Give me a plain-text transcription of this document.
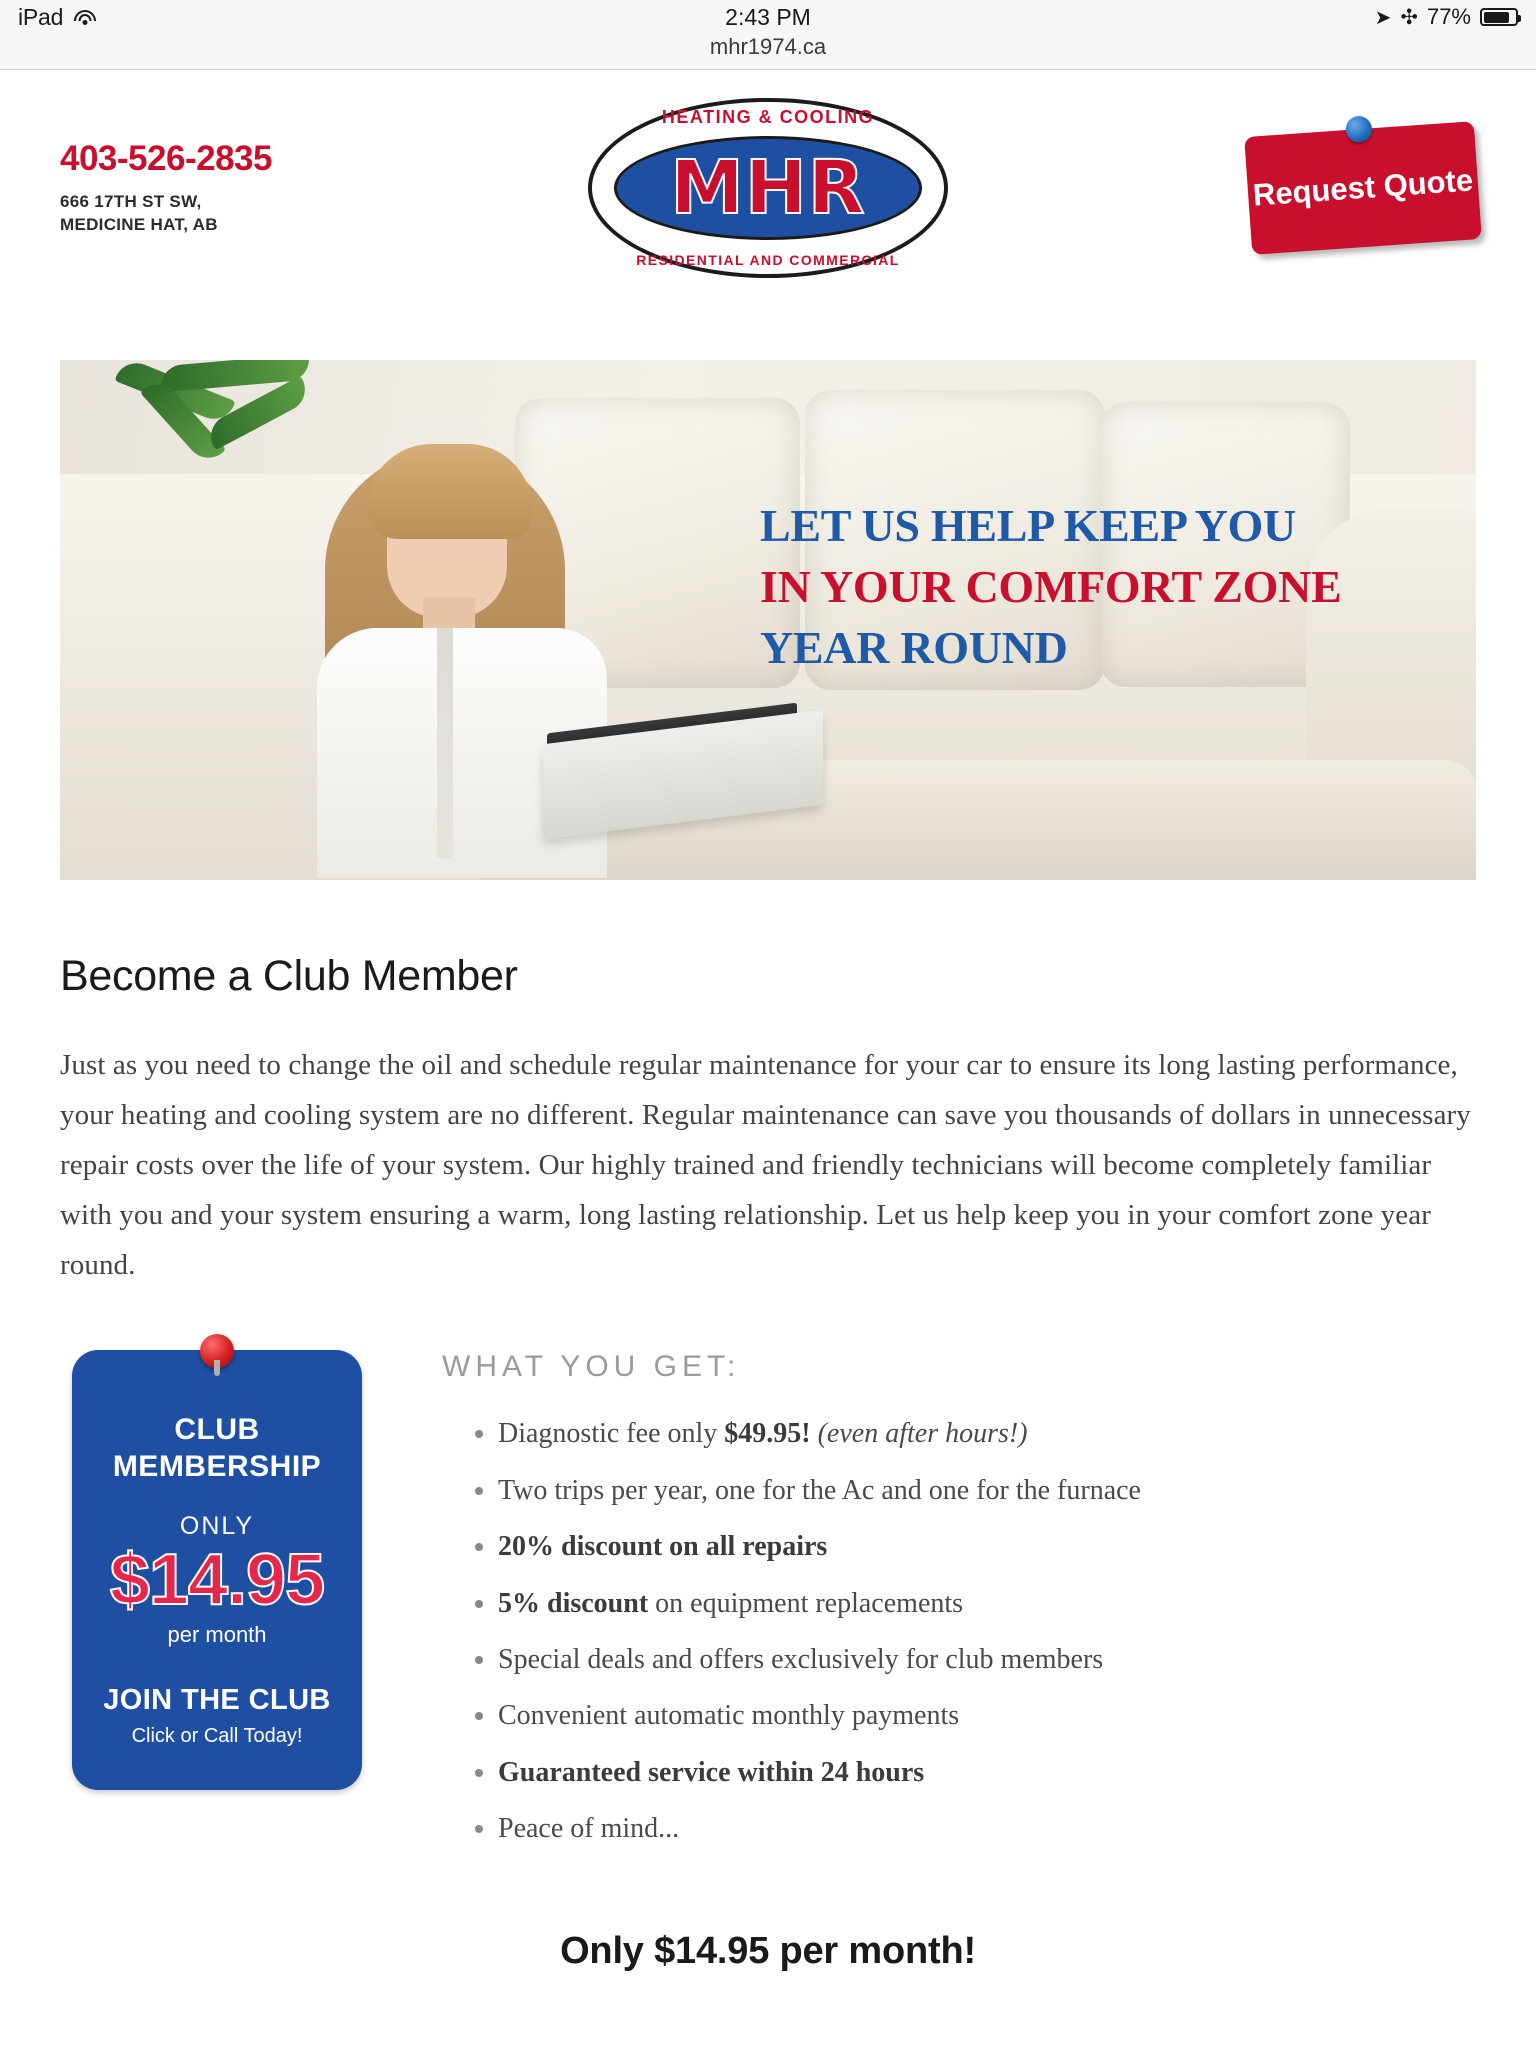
iPad	2:43 PM	➤ ✣ 77%
mhr1974.ca
403-526-2835
666 17TH ST SW,
MEDICINE HAT, AB
HEATING & COOLING
MHR
RESIDENTIAL AND COMMERCIAL
Request Quote
LET US HELP KEEP YOU
IN YOUR COMFORT ZONE
YEAR ROUND
Become a Club Member

Just as you need to change the oil and schedule regular maintenance for your car to ensure its long lasting performance, your heating and cooling system are no different. Regular maintenance can save you thousands of dollars in unnecessary repair costs over the life of your system. Our highly trained and friendly technicians will become completely familiar with you and your system ensuring a warm, long lasting relationship. Let us help keep you in your comfort zone year round.

CLUB
MEMBERSHIP
ONLY
$14.95
per month
JOIN THE CLUB
Click or Call Today!
WHAT YOU GET:
• Diagnostic fee only $49.95! (even after hours!)
• Two trips per year, one for the Ac and one for the furnace
• 20% discount on all repairs
• 5% discount on equipment replacements
• Special deals and offers exclusively for club members
• Convenient automatic monthly payments
• Guaranteed service within 24 hours
• Peace of mind...
Only $14.95 per month!
